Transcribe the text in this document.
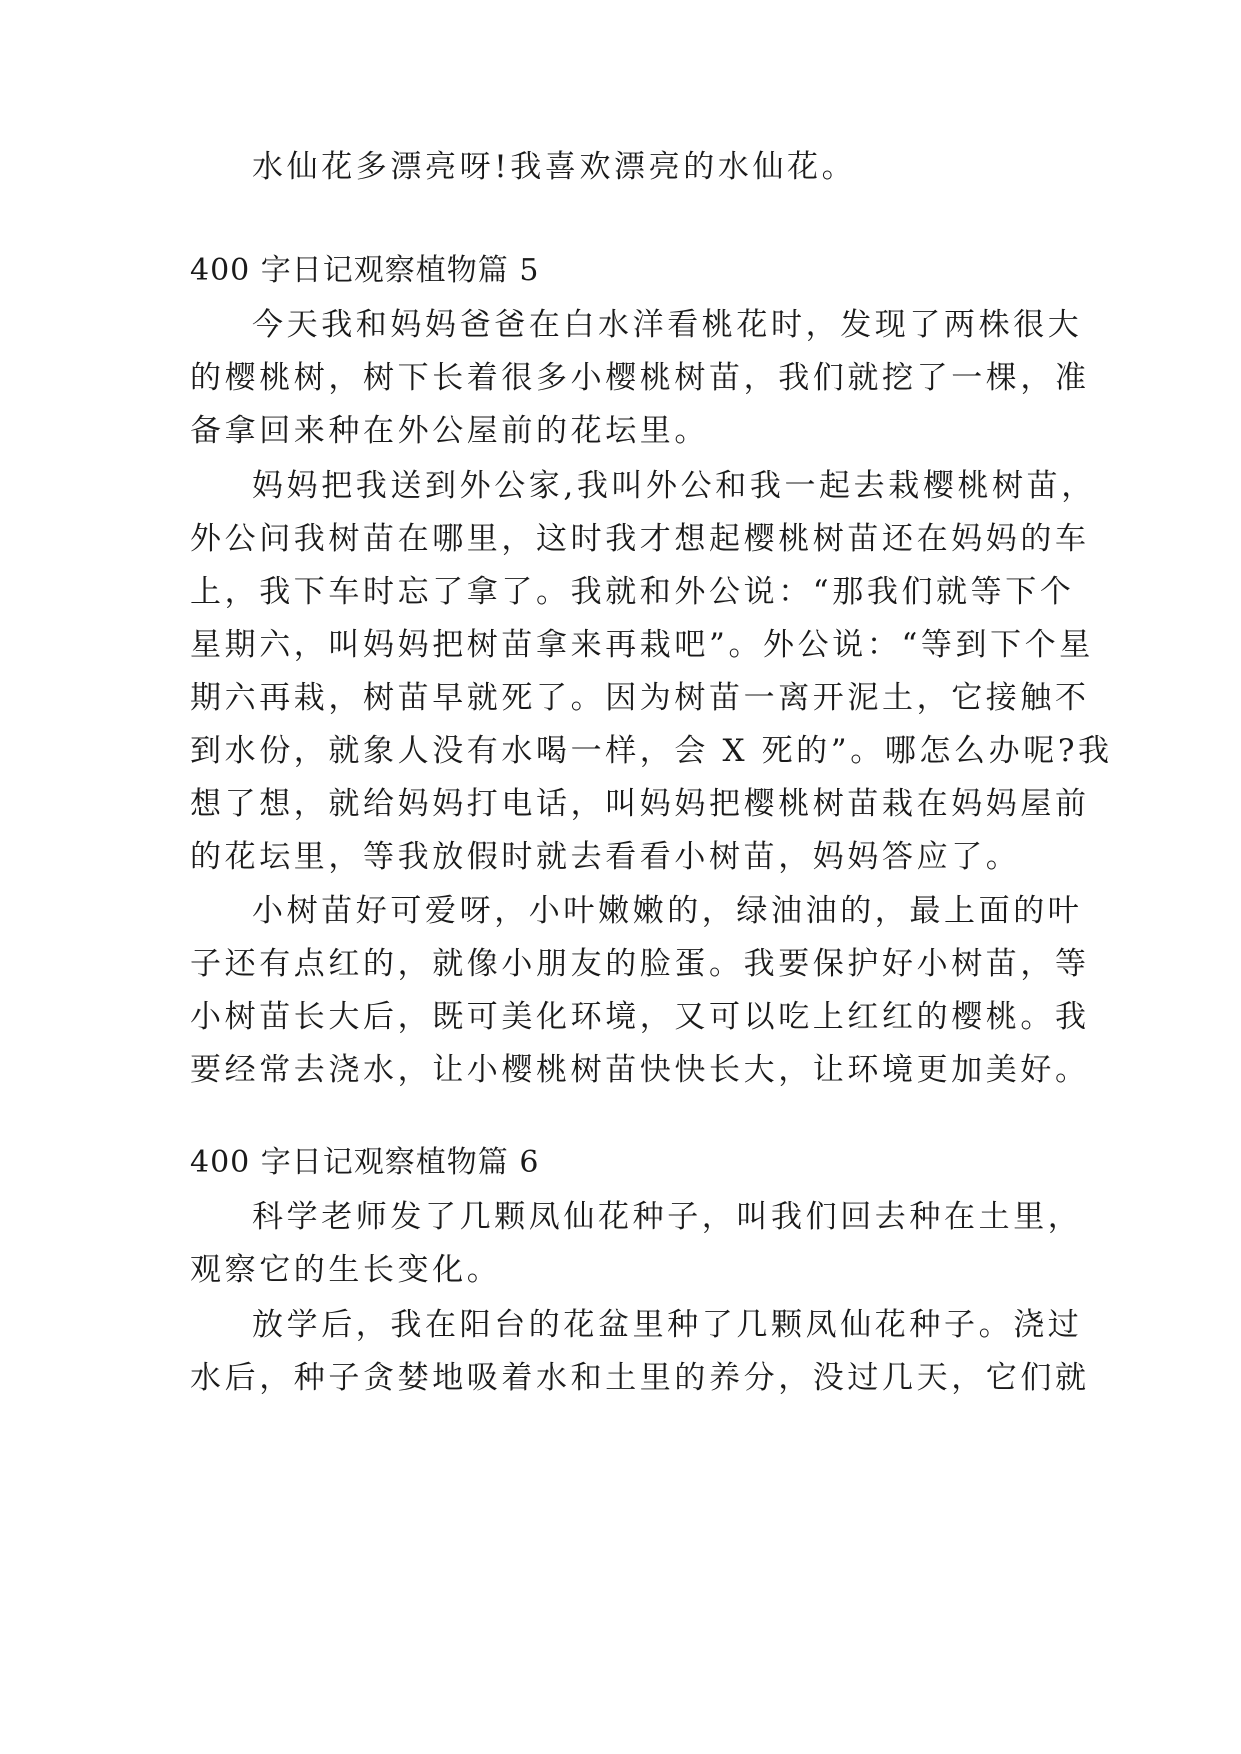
水仙花多漂亮呀!我喜欢漂亮的水仙花。
400 字日记观察植物篇 5
今天我和妈妈爸爸在白水洋看桃花时，发现了两株很大
的樱桃树，树下长着很多小樱桃树苗，我们就挖了一棵，准
备拿回来种在外公屋前的花坛里。
妈妈把我送到外公家,我叫外公和我一起去栽樱桃树苗，
外公问我树苗在哪里，这时我才想起樱桃树苗还在妈妈的车
上，我下车时忘了拿了。我就和外公说：“那我们就等下个
星期六，叫妈妈把树苗拿来再栽吧”。外公说：“等到下个星
期六再栽，树苗早就死了。因为树苗一离开泥土，它接触不
到水份，就象人没有水喝一样，会 X 死的”。哪怎么办呢?我
想了想，就给妈妈打电话，叫妈妈把樱桃树苗栽在妈妈屋前
的花坛里，等我放假时就去看看小树苗，妈妈答应了。
小树苗好可爱呀，小叶嫩嫩的，绿油油的，最上面的叶
子还有点红的，就像小朋友的脸蛋。我要保护好小树苗，等
小树苗长大后，既可美化环境，又可以吃上红红的樱桃。我
要经常去浇水，让小樱桃树苗快快长大，让环境更加美好。
400 字日记观察植物篇 6
科学老师发了几颗凤仙花种子，叫我们回去种在土里，
观察它的生长变化。
放学后，我在阳台的花盆里种了几颗凤仙花种子。浇过
水后，种子贪婪地吸着水和土里的养分，没过几天，它们就
